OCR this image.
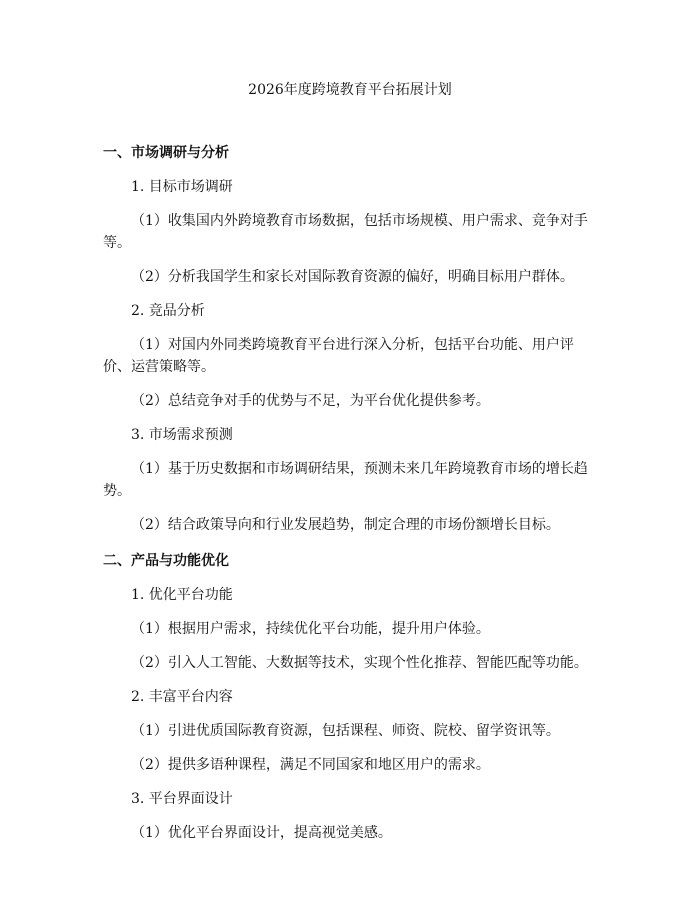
2026年度跨境教育平台拓展计划
一、市场调研与分析
1. 目标市场调研
（1）收集国内外跨境教育市场数据，包括市场规模、用户需求、竞争对手等。
（2）分析我国学生和家长对国际教育资源的偏好，明确目标用户群体。
2. 竞品分析
（1）对国内外同类跨境教育平台进行深入分析，包括平台功能、用户评价、运营策略等。
（2）总结竞争对手的优势与不足，为平台优化提供参考。
3. 市场需求预测
（1）基于历史数据和市场调研结果，预测未来几年跨境教育市场的增长趋势。
（2）结合政策导向和行业发展趋势，制定合理的市场份额增长目标。
二、产品与功能优化
1. 优化平台功能
（1）根据用户需求，持续优化平台功能，提升用户体验。
（2）引入人工智能、大数据等技术，实现个性化推荐、智能匹配等功能。
2. 丰富平台内容
（1）引进优质国际教育资源，包括课程、师资、院校、留学资讯等。
（2）提供多语种课程，满足不同国家和地区用户的需求。
3. 平台界面设计
（1）优化平台界面设计，提高视觉美感。
